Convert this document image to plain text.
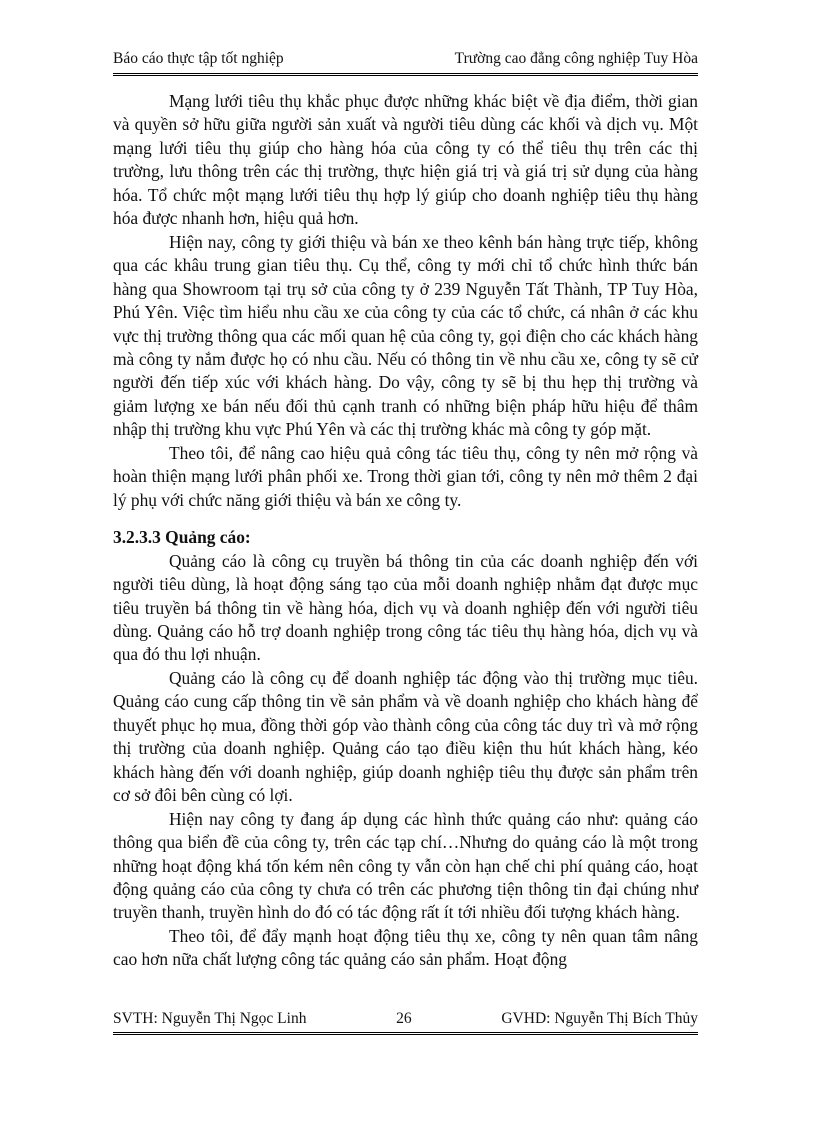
Báo cáo thực tập tốt nghiệp	Trường cao đẳng công nghiệp Tuy Hòa

Mạng lưới tiêu thụ khắc phục được những khác biệt về địa điểm, thời gian và quyền sở hữu giữa người sản xuất và người tiêu dùng các khối và dịch vụ. Một mạng lưới tiêu thụ giúp cho hàng hóa của công ty có thể tiêu thụ trên các thị trường, lưu thông trên các thị trường, thực hiện giá trị và giá trị sử dụng của hàng hóa. Tổ chức một mạng lưới tiêu thụ hợp lý giúp cho doanh nghiệp tiêu thụ hàng hóa được nhanh hơn, hiệu quả hơn.

Hiện nay, công ty giới thiệu và bán xe theo kênh bán hàng trực tiếp, không qua các khâu trung gian tiêu thụ. Cụ thể, công ty mới chỉ tổ chức hình thức bán hàng qua Showroom tại trụ sở của công ty ở 239 Nguyễn Tất Thành, TP Tuy Hòa, Phú Yên. Việc tìm hiểu nhu cầu xe của công ty của các tổ chức, cá nhân ở các khu vực thị trường thông qua các mối quan hệ của công ty, gọi điện cho các khách hàng mà công ty nắm được họ có nhu cầu. Nếu có thông tin về nhu cầu xe, công ty sẽ cử người đến tiếp xúc với khách hàng. Do vậy, công ty sẽ bị thu hẹp thị trường và giảm lượng xe bán nếu đối thủ cạnh tranh có những biện pháp hữu hiệu để thâm nhập thị trường khu vực Phú Yên và các thị trường khác mà công ty góp mặt.

Theo tôi, để nâng cao hiệu quả công tác tiêu thụ, công ty nên mở rộng và hoàn thiện mạng lưới phân phối xe. Trong thời gian tới, công ty nên mở thêm 2 đại lý phụ với chức năng giới thiệu và bán xe công ty.

3.2.3.3 Quảng cáo:

Quảng cáo là công cụ truyền bá thông tin của các doanh nghiệp đến với người tiêu dùng, là hoạt động sáng tạo của mỗi doanh nghiệp nhằm đạt được mục tiêu truyền bá thông tin về hàng hóa, dịch vụ và doanh nghiệp đến với người tiêu dùng. Quảng cáo hỗ trợ doanh nghiệp trong công tác tiêu thụ hàng hóa, dịch vụ và qua đó thu lợi nhuận.

Quảng cáo là công cụ để doanh nghiệp tác động vào thị trường mục tiêu. Quảng cáo cung cấp thông tin về sản phẩm và về doanh nghiệp cho khách hàng để thuyết phục họ mua, đồng thời góp vào thành công của công tác duy trì và mở rộng thị trường của doanh nghiệp. Quảng cáo tạo điều kiện thu hút khách hàng, kéo khách hàng đến với doanh nghiệp, giúp doanh nghiệp tiêu thụ được sản phẩm trên cơ sở đôi bên cùng có lợi.

Hiện nay công ty đang áp dụng các hình thức quảng cáo như: quảng cáo thông qua biển đề của công ty, trên các tạp chí…Nhưng do quảng cáo là một trong những hoạt động khá tốn kém nên công ty vẫn còn hạn chế chi phí quảng cáo, hoạt động quảng cáo của công ty chưa có trên các phương tiện thông tin đại chúng như truyền thanh, truyền hình do đó có tác động rất ít tới nhiều đối tượng khách hàng.

Theo tôi, để đẩy mạnh hoạt động tiêu thụ xe, công ty nên quan tâm nâng cao hơn nữa chất lượng công tác quảng cáo sản phẩm. Hoạt động

SVTH: Nguyễn Thị Ngọc Linh	26	GVHD: Nguyễn Thị Bích Thủy
